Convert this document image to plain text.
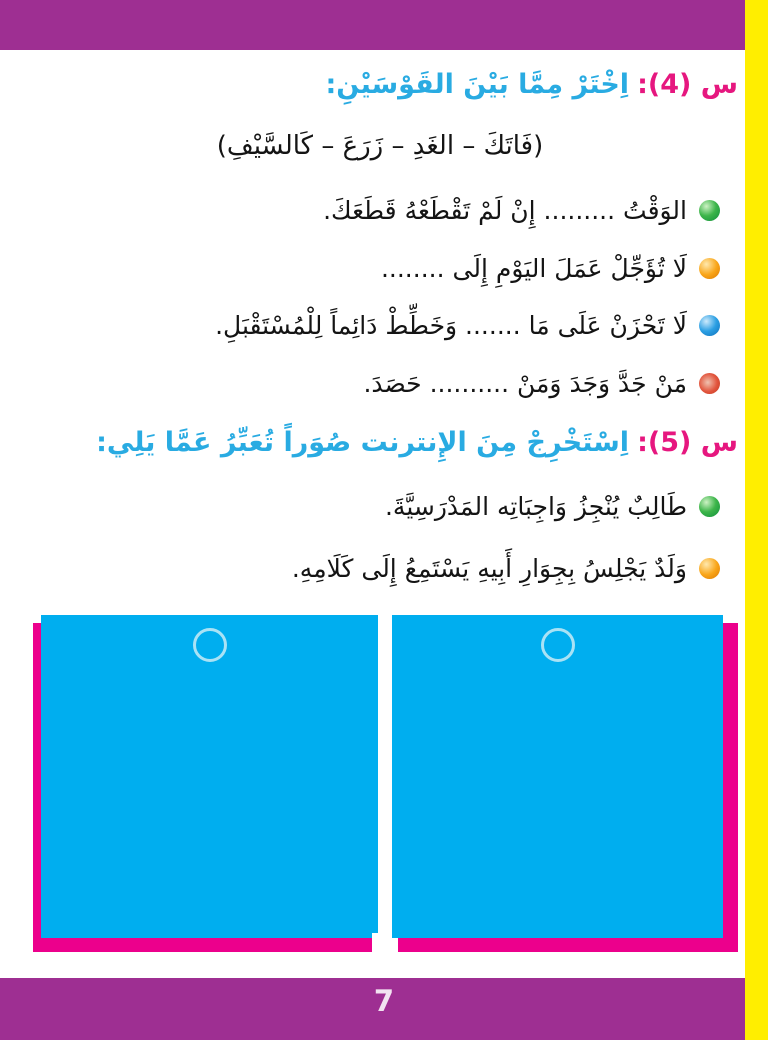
س (4):
اِخْتَرْ مِمَّا بَيْنَ القَوْسَيْنِ:
(فَاتَكَ – الغَدِ – زَرَعَ – كَالسَّيْفِ)
الوَقْتُ ......... إِنْ لَمْ تَقْطَعْهُ قَطَعَكَ.
لَا تُؤَجِّلْ عَمَلَ اليَوْمِ إِلَى ........
لَا تَحْزَنْ عَلَى مَا ....... وَخَطِّطْ دَائِماً لِلْمُسْتَقْبَلِ.
مَنْ جَدَّ وَجَدَ وَمَنْ .......... حَصَدَ.
س (5):
اِسْتَخْرِجْ مِنَ الإِنترنت صُوَراً تُعَبِّرُ عَمَّا يَلِي:
طَالِبٌ يُنْجِزُ وَاجِبَاتِه المَدْرَسِيَّةَ.
وَلَدٌ يَجْلِسُ بِجِوَارِ أَبِيهِ يَسْتَمِعُ إِلَى كَلَامِهِ.
7
